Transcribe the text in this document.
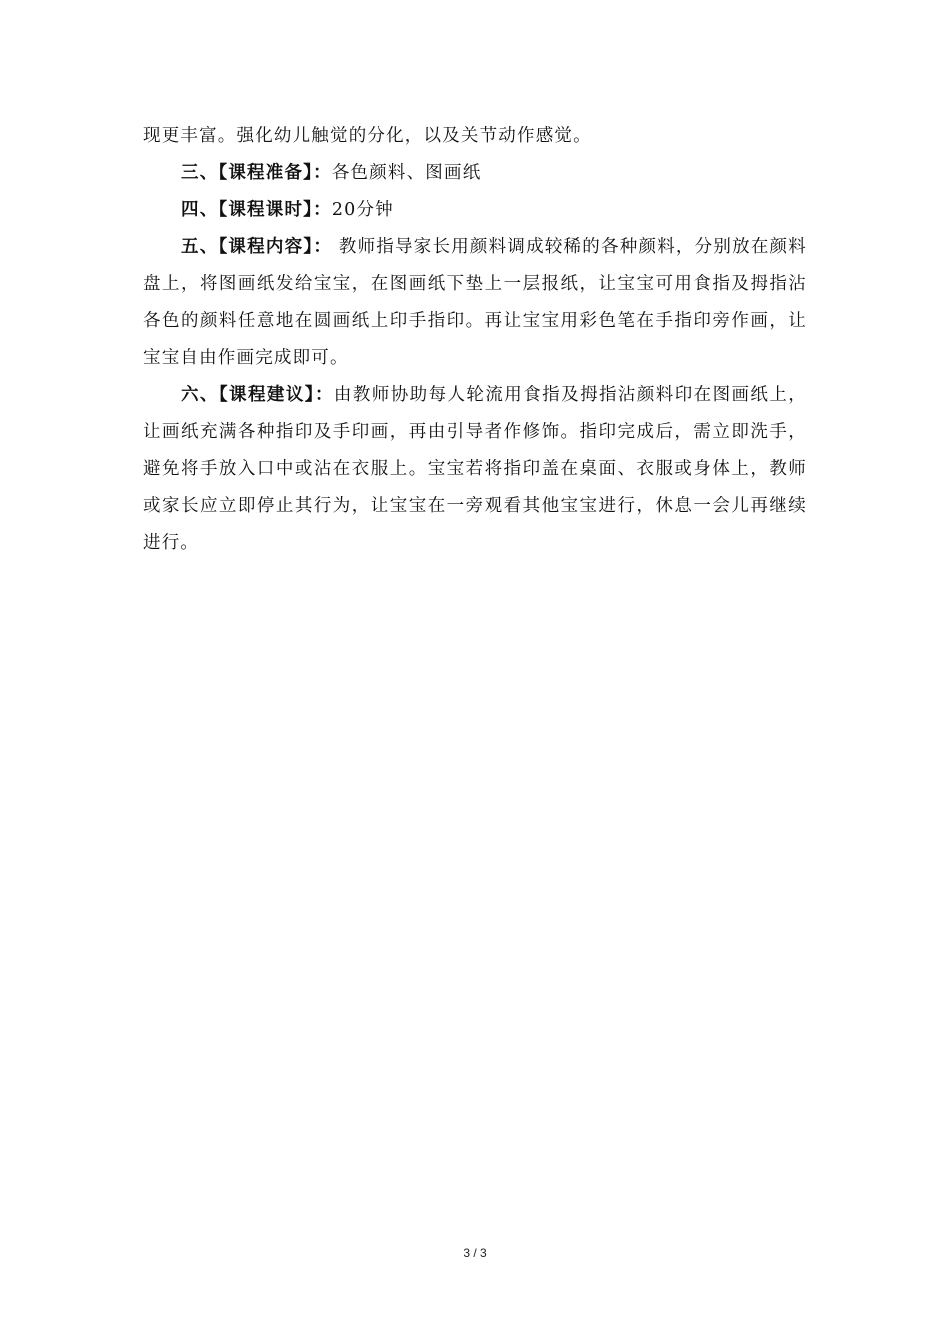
现更丰富。强化幼儿触觉的分化，以及关节动作感觉。

三、【课程准备】：各色颜料、图画纸

四、【课程课时】：20分钟

五、【课程内容】： 教师指导家长用颜料调成较稀的各种颜料，分别放在颜料盘上，将图画纸发给宝宝，在图画纸下垫上一层报纸，让宝宝可用食指及拇指沾各色的颜料任意地在圆画纸上印手指印。再让宝宝用彩色笔在手指印旁作画，让宝宝自由作画完成即可。

六、【课程建议】：由教师协助每人轮流用食指及拇指沾颜料印在图画纸上，让画纸充满各种指印及手印画，再由引导者作修饰。指印完成后，需立即洗手，避免将手放入口中或沾在衣服上。宝宝若将指印盖在桌面、衣服或身体上，教师或家长应立即停止其行为，让宝宝在一旁观看其他宝宝进行，休息一会儿再继续进行。

3 / 3
